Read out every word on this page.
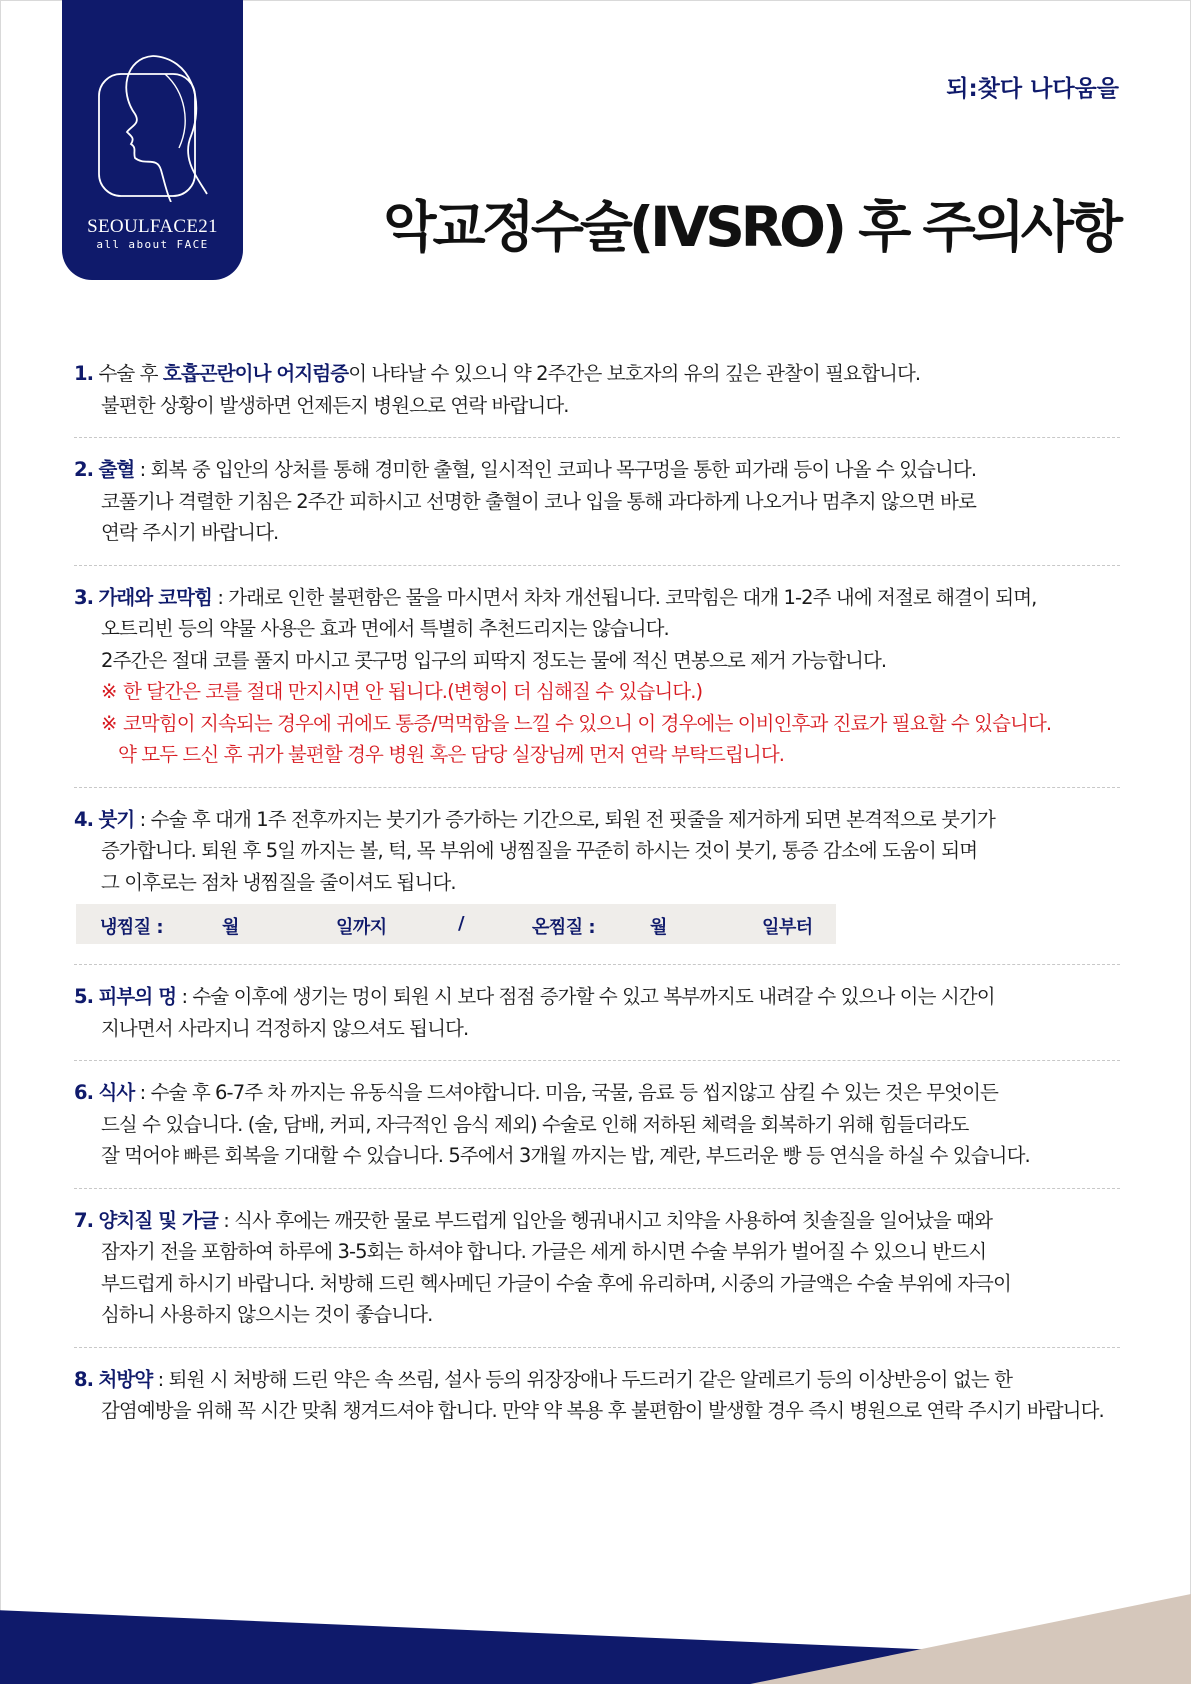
SEOULFACE21
all about FACE
되:찾다 나다움을
악교정수술(IVSRO) 후 주의사항
1. 수술 후 호흡곤란이나 어지럼증이 나타날 수 있으니 약 2주간은 보호자의 유의 깊은 관찰이 필요합니다.
불편한 상황이 발생하면 언제든지 병원으로 연락 바랍니다.
2. 출혈 : 회복 중 입안의 상처를 통해 경미한 출혈, 일시적인 코피나 목구멍을 통한 피가래 등이 나올 수 있습니다.
코풀기나 격렬한 기침은 2주간 피하시고 선명한 출혈이 코나 입을 통해 과다하게 나오거나 멈추지 않으면 바로
연락 주시기 바랍니다.
3. 가래와 코막힘 : 가래로 인한 불편함은 물을 마시면서 차차 개선됩니다. 코막힘은 대개 1-2주 내에 저절로 해결이 되며,
오트리빈 등의 약물 사용은 효과 면에서 특별히 추천드리지는 않습니다.
2주간은 절대 코를 풀지 마시고 콧구멍 입구의 피딱지 정도는 물에 적신 면봉으로 제거 가능합니다.
※ 한 달간은 코를 절대 만지시면 안 됩니다.(변형이 더 심해질 수 있습니다.)
※ 코막힘이 지속되는 경우에 귀에도 통증/먹먹함을 느낄 수 있으니 이 경우에는 이비인후과 진료가 필요할 수 있습니다.
약 모두 드신 후 귀가 불편할 경우 병원 혹은 담당 실장님께 먼저 연락 부탁드립니다.
4. 붓기 : 수술 후 대개 1주 전후까지는 붓기가 증가하는 기간으로, 퇴원 전 핏줄을 제거하게 되면 본격적으로 붓기가
증가합니다. 퇴원 후 5일 까지는 볼, 턱, 목 부위에 냉찜질을 꾸준히 하시는 것이 붓기, 통증 감소에 도움이 되며
그 이후로는 점차 냉찜질을 줄이셔도 됩니다.
냉찜질 :	월	일까지	/	온찜질 :	월	일부터
5. 피부의 멍 : 수술 이후에 생기는 멍이 퇴원 시 보다 점점 증가할 수 있고 복부까지도 내려갈 수 있으나 이는 시간이
지나면서 사라지니 걱정하지 않으셔도 됩니다.
6. 식사 : 수술 후 6-7주 차 까지는 유동식을 드셔야합니다. 미음, 국물, 음료 등 씹지않고 삼킬 수 있는 것은 무엇이든
드실 수 있습니다. (술, 담배, 커피, 자극적인 음식 제외) 수술로 인해 저하된 체력을 회복하기 위해 힘들더라도
잘 먹어야 빠른 회복을 기대할 수 있습니다. 5주에서 3개월 까지는 밥, 계란, 부드러운 빵 등 연식을 하실 수 있습니다.
7. 양치질 및 가글 : 식사 후에는 깨끗한 물로 부드럽게 입안을 헹궈내시고 치약을 사용하여 칫솔질을 일어났을 때와
잠자기 전을 포함하여 하루에 3-5회는 하셔야 합니다. 가글은 세게 하시면 수술 부위가 벌어질 수 있으니 반드시
부드럽게 하시기 바랍니다. 처방해 드린 헥사메딘 가글이 수술 후에 유리하며, 시중의 가글액은 수술 부위에 자극이
심하니 사용하지 않으시는 것이 좋습니다.
8. 처방약 : 퇴원 시 처방해 드린 약은 속 쓰림, 설사 등의 위장장애나 두드러기 같은 알레르기 등의 이상반응이 없는 한
감염예방을 위해 꼭 시간 맞춰 챙겨드셔야 합니다. 만약 약 복용 후 불편함이 발생할 경우 즉시 병원으로 연락 주시기 바랍니다.
